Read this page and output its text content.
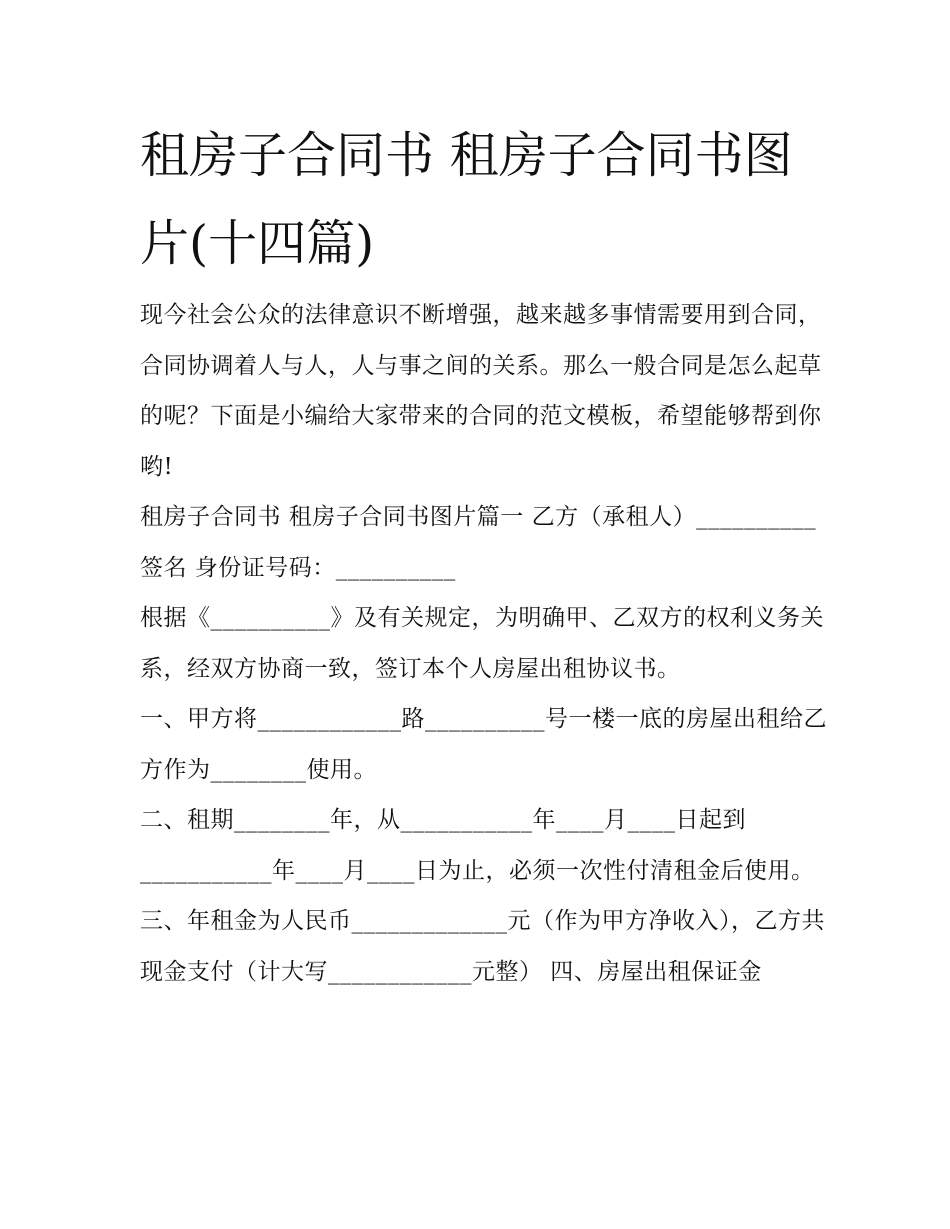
租房子合同书 租房子合同书图片(十四篇)

现今社会公众的法律意识不断增强，越来越多事情需要用到合同，合同协调着人与人，人与事之间的关系。那么一般合同是怎么起草的呢？下面是小编给大家带来的合同的范文模板，希望能够帮到你哟!

租房子合同书 租房子合同书图片篇一 乙方（承租人）__________签名 身份证号码：__________

根据《__________》及有关规定，为明确甲、乙双方的权利义务关系，经双方协商一致，签订本个人房屋出租协议书。

一、甲方将____________路__________号一楼一底的房屋出租给乙方作为________使用。

二、租期________年，从___________年____月____日起到___________年____月____日为止，必须一次性付清租金后使用。

三、年租金为人民币_____________元（作为甲方净收入），乙方共现金支付（计大写____________元整） 四、房屋出租保证金
